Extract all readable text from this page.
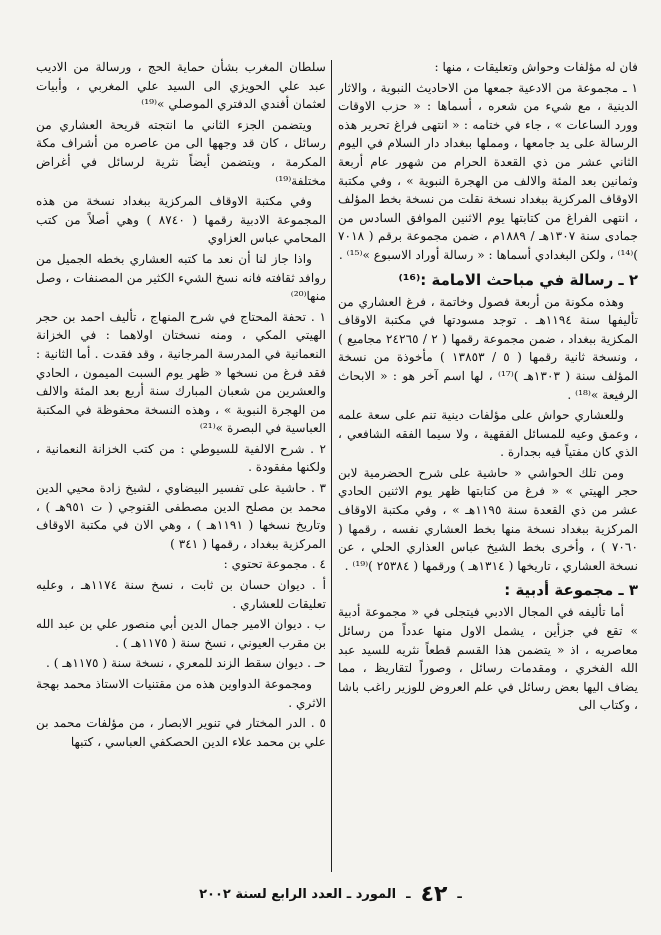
فان له مؤلفات وحواش وتعليقات ، منها :

١ ـ مجموعة من الادعية جمعها من الاحاديث النبوية ، والاثار الدينية ، مع شيء من شعره ، أسماها : « حزب الاوقات وورد الساعات » ، جاء في ختامه : « انتهى فراغ تحرير هذه الرسالة على يد جامعها ، ومملها ببغداد دار السلام في اليوم الثاني عشر من ذي القعدة الحرام من شهور عام أربعة وثمانين بعد المئة والالف من الهجرة النبوية » ، وفي مكتبة الاوقاف المركزية ببغداد نسخة نقلت من نسخة بخط المؤلف ، انتهى الفراغ من كتابتها يوم الاثنين الموافق السادس من جمادى سنة ١٣٠٧هـ / ١٨٨٩م ، ضمن مجموعة برقم ( ٧٠١٨ )⁽¹⁴⁾ ، ولكن البغدادي أسماها : « رسالة أوراد الاسبوع »⁽¹⁵⁾ .

٢ ـ رسالة في مباحث الامامة :⁽¹⁶⁾

وهذه مكونة من أربعة فصول وخاتمة ، فرغ العشاري من تأليفها سنة ١١٩٤هـ . توجد مسودتها في مكتبة الاوقاف المكزية ببغداد ، ضمن مجموعة رقمها ( ٢ / ٢٤٢٦٥ مجاميع ) ، ونسخة ثانية رقمها ( ٥ / ١٣٨٥٣ ) مأخوذة من نسخة المؤلف سنة ( ١٣٠٣هـ )⁽¹⁷⁾ ، لها اسم آخر هو : « الابحاث الرفيعة »⁽¹⁸⁾ .

وللعشاري حواش على مؤلفات دينية تنم على سعة علمه ، وعمق وعيه للمسائل الفقهية ، ولا سيما الفقه الشافعي ، الذي كان مفتياً فيه بجدارة .

ومن تلك الحواشي « حاشية على شرح الحضرمية لابن حجر الهيتي » « فرغ من كتابتها ظهر يوم الاثنين الحادي عشر من ذي القعدة سنة ١١٩٥هـ » ، وفي مكتبة الاوقاف المركزية ببغداد نسخة منها بخط العشاري نفسه ، رقمها ( ٧٠٦٠ ) ، وأخرى بخط الشيخ عباس العذاري الحلي ، عن نسخة العشاري ، تاريخها ( ١٣١٤هـ ) ورقمها ( ٢٥٣٨٤ )⁽¹⁹⁾ .

٣ ـ مجموعة أدبية :

أما تأليفه في المجال الادبي فيتجلى في « مجموعة أدبية » تقع في جزأين ، يشمل الاول منها عدداً من رسائل معاصريه ، اذ « يتضمن هذا القسم قطعاً نثريه للسيد عبد الله الفخري ، ومقدمات رسائل ، وصوراً لتقاريظ ، مما يضاف اليها بعض رسائل في علم العروض للوزير راغب باشا ، وكتاب الى

سلطان المغرب بشأن حماية الحج ، ورسالة من الاديب عبد علي الحويزي الى السيد علي المغربي ، وأبيات لعثمان أفندي الدفتري الموصلي »⁽¹⁹⁾

ويتضمن الجزء الثاني ما انتجته قريحة العشاري من رسائل ، كان قد وجهها الى من عاصره من أشراف مكة المكرمة ، ويتضمن أيضاً نثرية لرسائل في أغراض مختلفة⁽¹⁹⁾

وفي مكتبة الاوقاف المركزية ببغداد نسخة من هذه المجموعة الادبية رقمها ( ٨٧٤٠ ) وهي أصلاً من كتب المحامي عباس العزاوي

واذا جاز لنا أن نعد ما كتبه العشاري بخطه الجميل من روافد ثقافته فانه نسخ الشيء الكثير من المصنفات ، وصل منها⁽²⁰⁾

١ . تحفة المحتاج في شرح المنهاج ، تأليف احمد بن حجر الهيتي المكي ، ومنه نسختان اولاهما : في الخزانة النعمانية في المدرسة المرجانية ، وقد فقدت . أما الثانية : فقد فرغ من نسخها « ظهر يوم السبت الميمون ، الحادي والعشرين من شعبان المبارك سنة أربع بعد المئة والالف من الهجرة النبوية » ، وهذه النسخة محفوظة في المكتبة العباسية في البصرة »⁽²¹⁾

٢ . شرح الالفية للسيوطي : من كتب الخزانة النعمانية ، ولكنها مفقودة .

٣ . حاشية على تفسير البيضاوي ، لشيخ زادة محيي الدين محمد بن مصلح الدين مصطفى القنوجي ( ت ٩٥١هـ ) ، وتاريخ نسخها ( ١١٩١هـ ) ، وهي الان في مكتبة الاوقاف المركزية ببغداد ، رقمها ( ٣٤١ )

٤ . مجموعة تحتوي :

أ . ديوان حسان بن ثابت ، نسخ سنة ١١٧٤هـ ، وعليه تعليقات للعشاري .

ب . ديوان الامير جمال الدين أبي منصور علي بن عبد الله بن مقرب العيوني ، نسخ سنة ( ١١٧٥هـ ) .

حـ . ديوان سقط الزند للمعري ، نسخة سنة ( ١١٧٥هـ ) .

ومجموعة الدواوين هذه من مقتنيات الاستاذ محمد بهجة الاثري .

٥ . الدر المختار في تنوير الابصار ، من مؤلفات محمد بن علي بن محمد علاء الدين الحصكفي العباسي ، كتبها

ـ
٤٢
ـ
المورد ـ العدد الرابع لسنة ٢٠٠٢
